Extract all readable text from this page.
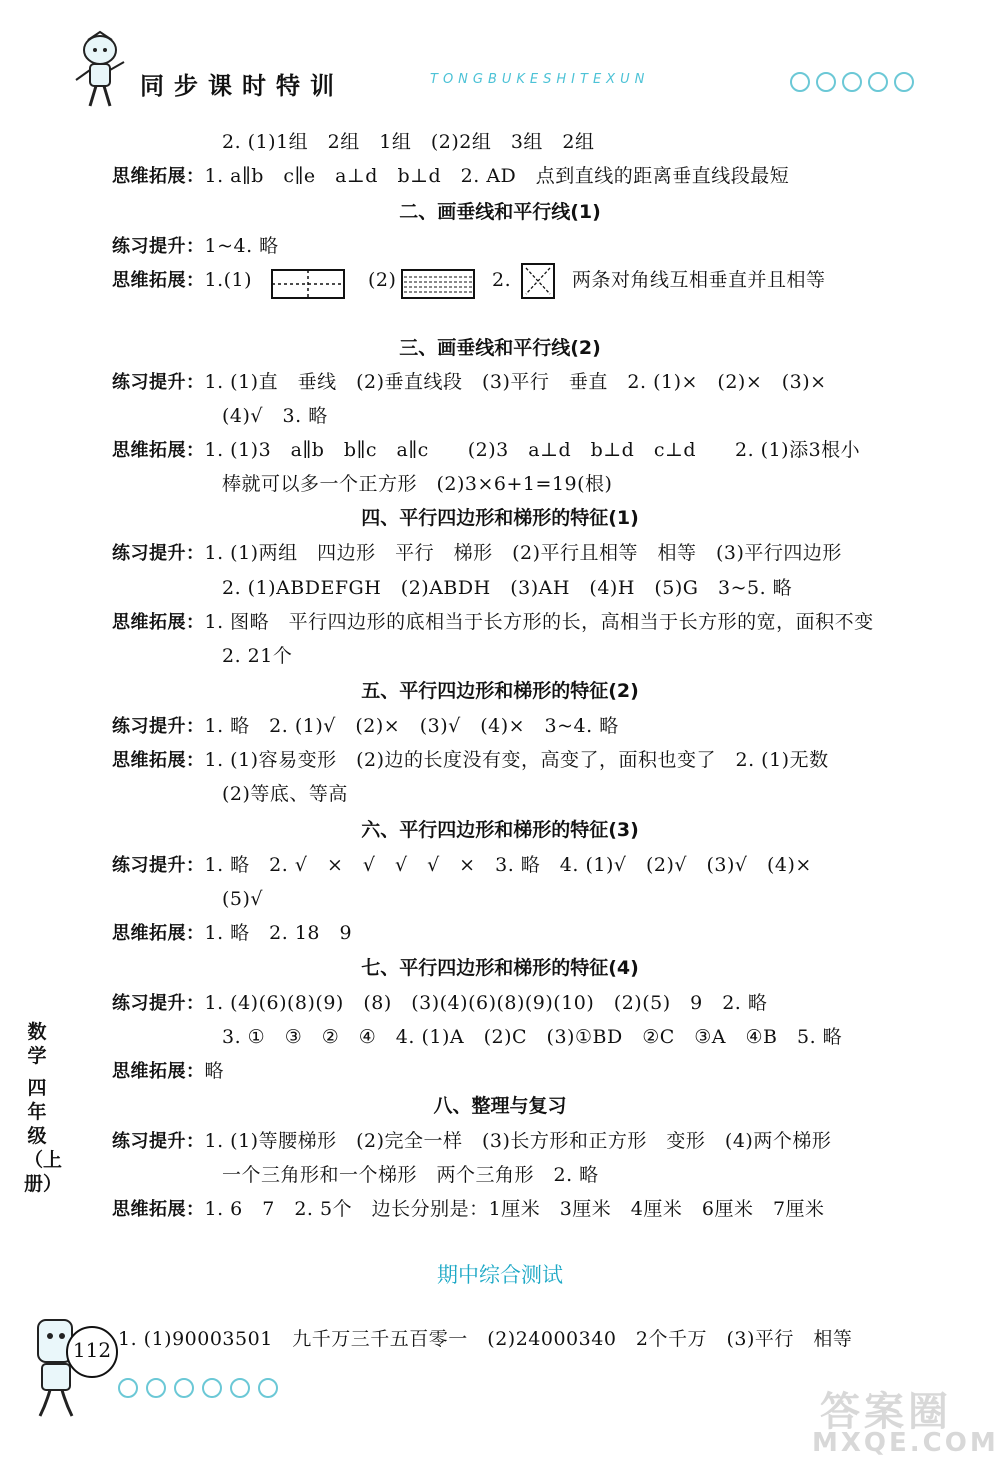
同步课时特训	TONGBUKESHITEXUN
2. (1)1组　2组　1组　(2)2组　3组　2组
思维拓展：1. a∥b　c∥e　a⊥d　b⊥d　2. AD　点到直线的距离垂直线段最短
二、画垂线和平行线(1)
练习提升：1~4. 略
思维拓展：1.(1)	(2)	2.	两条对角线互相垂直并且相等
三、画垂线和平行线(2)
练习提升：1. (1)直　垂线　(2)垂直线段　(3)平行　垂直　2. (1)×　(2)×　(3)×
(4)√　3. 略
思维拓展：1. (1)3　a∥b　b∥c　a∥c　　(2)3　a⊥d　b⊥d　c⊥d　　2. (1)添3根小
棒就可以多一个正方形　(2)3×6+1=19(根)
四、平行四边形和梯形的特征(1)
练习提升：1. (1)两组　四边形　平行　梯形　(2)平行且相等　相等　(3)平行四边形
2. (1)ABDEFGH　(2)ABDH　(3)AH　(4)H　(5)G　3~5. 略
思维拓展：1. 图略　平行四边形的底相当于长方形的长，高相当于长方形的宽，面积不变
2. 21个
五、平行四边形和梯形的特征(2)
练习提升：1. 略　2. (1)√　(2)×　(3)√　(4)×　3~4. 略
思维拓展：1. (1)容易变形　(2)边的长度没有变，高变了，面积也变了　2. (1)无数
(2)等底、等高
六、平行四边形和梯形的特征(3)
练习提升：1. 略　2. √　×　√　√　√　×　3. 略　4. (1)√　(2)√　(3)√　(4)×
(5)√
思维拓展：1. 略　2. 18　9
七、平行四边形和梯形的特征(4)
练习提升：1. (4)(6)(8)(9)　(8)　(3)(4)(6)(8)(9)(10)　(2)(5)　9　2. 略
3. ①　③　②　④　4. (1)A　(2)C　(3)①BD　②C　③A　④B　5. 略
思维拓展：略
八、整理与复习
练习提升：1. (1)等腰梯形　(2)完全一样　(3)长方形和正方形　变形　(4)两个梯形
一个三角形和一个梯形　两个三角形　2. 略
思维拓展：1. 6　7　2. 5个　边长分别是：1厘米　3厘米　4厘米　6厘米　7厘米
期中综合测试
1. (1)90003501　九千万三千五百零一　(2)24000340　2个千万　(3)平行　相等
数学
四年级（上册）
112
答案圈
MXQE.COM
